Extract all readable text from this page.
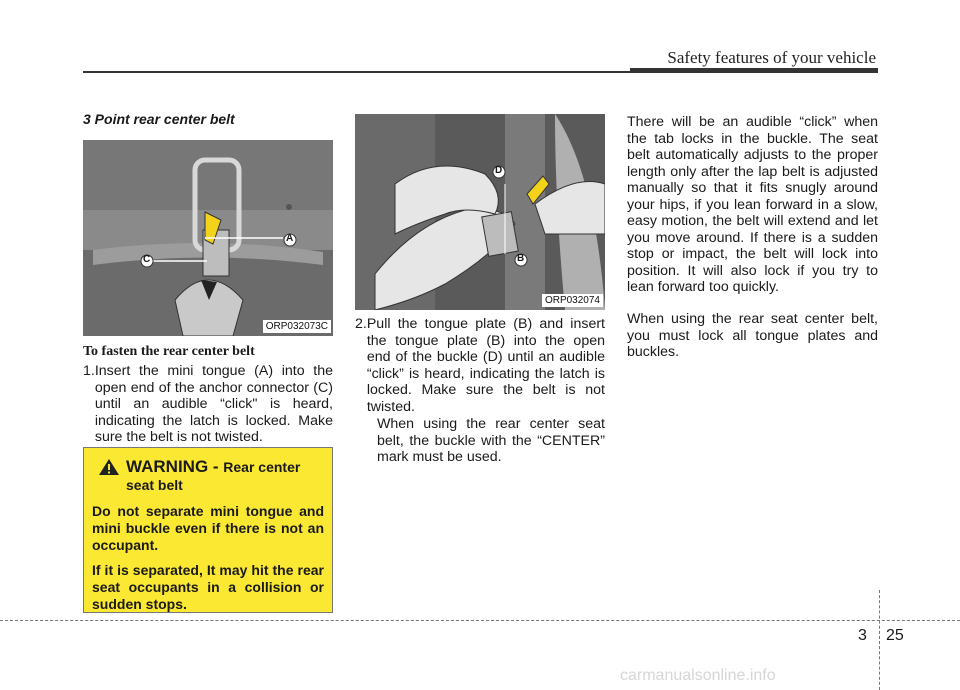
Safety features of your vehicle
3 Point rear center belt
A
C
ORP032073C
D
B
ORP032074
To fasten the rear center belt
1. Insert the mini tongue (A) into the open end of the anchor connector (C) until an audible “click" is heard, indicating the latch is locked. Make sure the belt is not twisted.
WARNING - Rear center seat belt
Do not separate mini tongue and mini buckle even if there is not an occupant.
If it is separated, It may hit the rear seat occupants in a collision or sudden stops.
2. Pull the tongue plate (B) and insert the tongue plate (B) into the open end of the buckle (D) until an audible “click” is heard, indicating the latch is locked. Make sure the belt is not twisted.
When using the rear center seat belt, the buckle with the “CENTER” mark must be used.
There will be an audible “click” when the tab locks in the buckle. The seat belt automatically adjusts to the proper length only after the lap belt is adjusted manually so that it fits snugly around your hips, if you lean forward in a slow, easy motion, the belt will extend and let you move around. If there is a sudden stop or impact, the belt will lock into position. It will also lock if you try to lean forward too quickly.
When using the rear seat center belt, you must lock all tongue plates and buckles.
3 25
carmanualsonline.info
